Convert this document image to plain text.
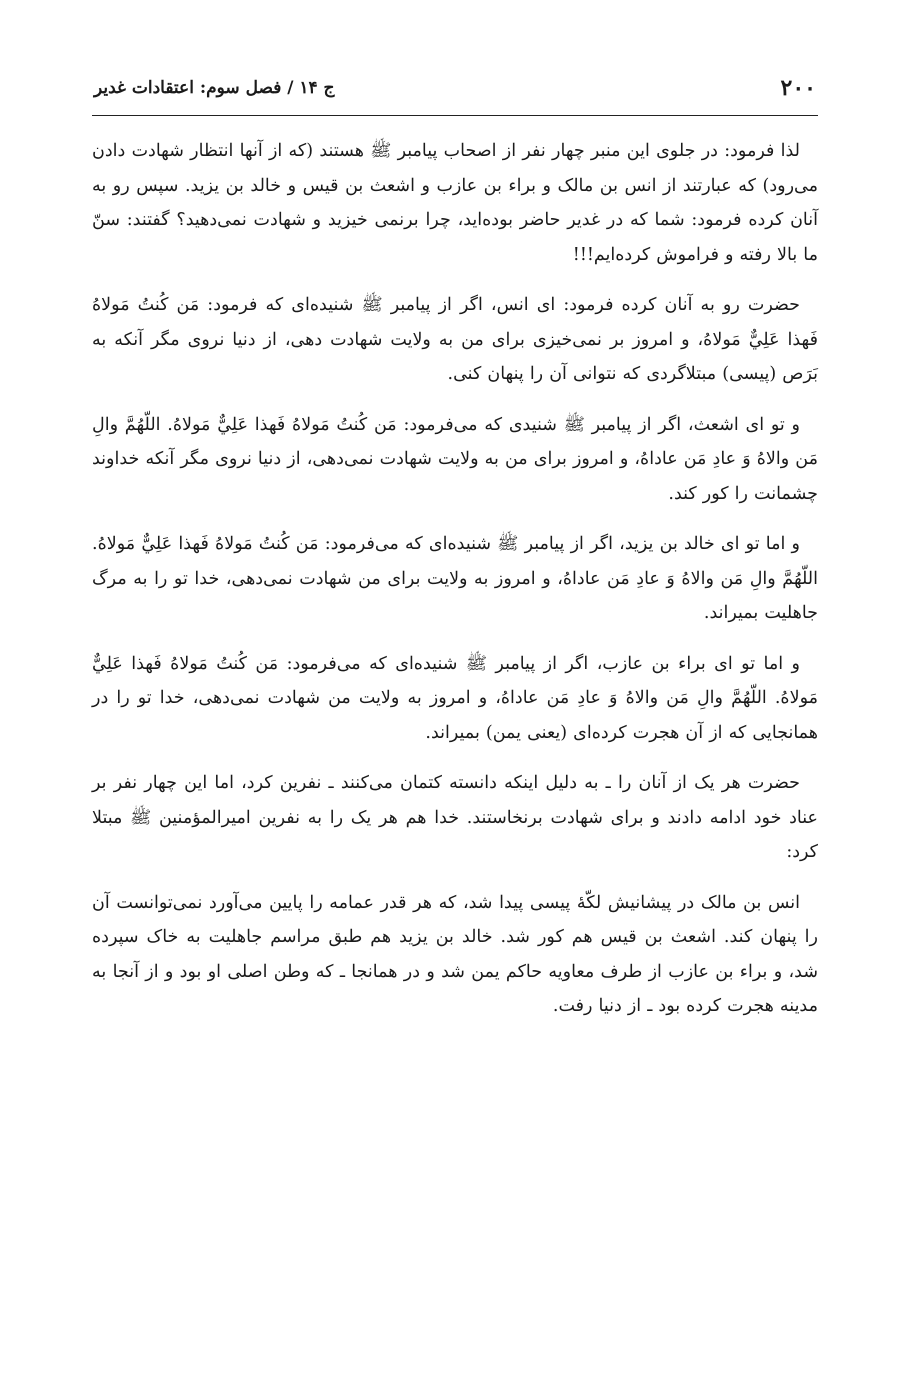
۲۰۰
ج ۱۴ / فصل سوم: اعتقادات غدیر

لذا فرمود: در جلوی این منبر چهار نفر از اصحاب پیامبر ﷺ هستند (که از آنها انتظار شهادت دادن می‌رود) که عبارتند از انس بن مالک و براء بن عازب و اشعث بن قیس و خالد بن یزید. سپس رو به آنان کرده فرمود: شما که در غدیر حاضر بوده‌اید، چرا برنمی خیزید و شهادت نمی‌دهید؟ گفتند: سنّ ما بالا رفته و فراموش کرده‌ایم!!!

حضرت رو به آنان کرده فرمود: ای انس، اگر از پیامبر ﷺ شنیده‌ای که فرمود: مَن كُنتُ مَولاهُ فَهذا عَلِيٌّ مَولاهُ، و امروز بر نمی‌خیزی برای من به ولایت شهادت دهی، از دنیا نروی مگر آنکه به بَرَص (پیسی) مبتلاگردی که نتوانی آن را پنهان کنی.

و تو ای اشعث، اگر از پیامبر ﷺ شنیدی که می‌فرمود: مَن كُنتُ مَولاهُ فَهذا عَلِيٌّ مَولاهُ. اللّهُمَّ والِ مَن والاهُ وَ عادِ مَن عاداهُ، و امروز برای من به ولایت شهادت نمی‌دهی، از دنیا نروی مگر آنکه خداوند چشمانت را کور کند.

و اما تو ای خالد بن یزید، اگر از پیامبر ﷺ شنیده‌ای که می‌فرمود: مَن كُنتُ مَولاهُ فَهذا عَلِيٌّ مَولاهُ. اللّهُمَّ والِ مَن والاهُ وَ عادِ مَن عاداهُ، و امروز به ولایت برای من شهادت نمی‌دهی، خدا تو را به مرگ جاهلیت بمیراند.

و اما تو ای براء بن عازب، اگر از پیامبر ﷺ شنیده‌ای که می‌فرمود: مَن كُنتُ مَولاهُ فَهذا عَلِيٌّ مَولاهُ. اللّهُمَّ والِ مَن والاهُ وَ عادِ مَن عاداهُ، و امروز به ولایت من شهادت نمی‌دهی، خدا تو را در همانجایی که از آن هجرت کرده‌ای (یعنی یمن) بمیراند.

حضرت هر یک از آنان را ـ به دلیل اینکه دانسته کتمان می‌کنند ـ نفرین کرد، اما این چهار نفر بر عناد خود ادامه دادند و برای شهادت برنخاستند. خدا هم هر یک را به نفرین امیرالمؤمنین ﷺ مبتلا کرد:

انس بن مالک در پیشانیش لکّهٔ پیسی پیدا شد، که هر قدر عمامه را پایین می‌آورد نمی‌توانست آن را پنهان کند. اشعث بن قیس هم کور شد. خالد بن یزید هم طبق مراسم جاهلیت به خاک سپرده شد، و براء بن عازب از طرف معاویه حاکم یمن شد و در همانجا ـ که وطن اصلی او بود و از آنجا به مدینه هجرت کرده بود ـ از دنیا رفت.
